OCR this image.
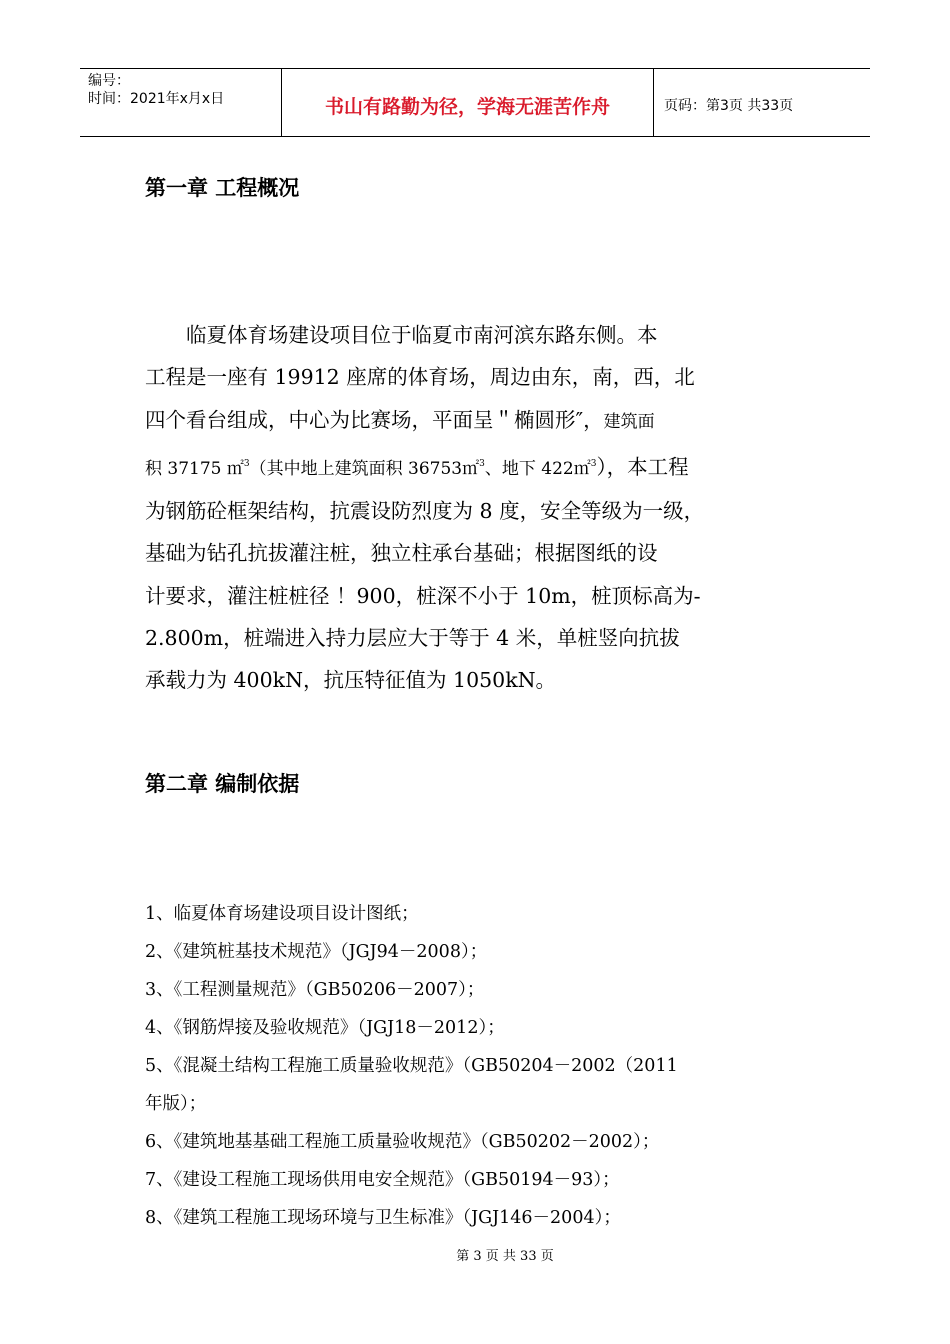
编号：
时间：2021年x月x日	书山有路勤为径，学海无涯苦作舟	页码：第3页 共33页
第一章 工程概况
　　临夏体育场建设项目位于临夏市南河滨东路东侧。本
工程是一座有 19912 座席的体育场，周边由东，南，西，北
四个看台组成，中心为比赛场，平面呈＂椭圆形″，建筑面
积 37175 ㎡$^3$（其中地上建筑面积 36753㎡$^3$、地下 422㎡$^3$），本工程
为钢筋砼框架结构，抗震设防烈度为 8 度，安全等级为一级，
基础为钻孔抗拔灌注桩，独立柱承台基础；根据图纸的设
计要求，灌注桩桩径 ！900，桩深不小于 10m，桩顶标高为-
2.800m，桩端进入持力层应大于等于 4 米，单桩竖向抗拔
承载力为 400kN，抗压特征值为 1050kN。
第二章 编制依据
1、临夏体育场建设项目设计图纸；
2、《建筑桩基技术规范》（JGJ94－2008）；
3、《工程测量规范》（GB50206－2007）；
4、《钢筋焊接及验收规范》（JGJ18－2012）；
5、《混凝土结构工程施工质量验收规范》（GB50204－2002（2011
年版）；
6、《建筑地基基础工程施工质量验收规范》（GB50202－2002）；
7、《建设工程施工现场供用电安全规范》（GB50194－93）；
8、《建筑工程施工现场环境与卫生标准》（JGJ146－2004）；
第 3 页 共 33 页
